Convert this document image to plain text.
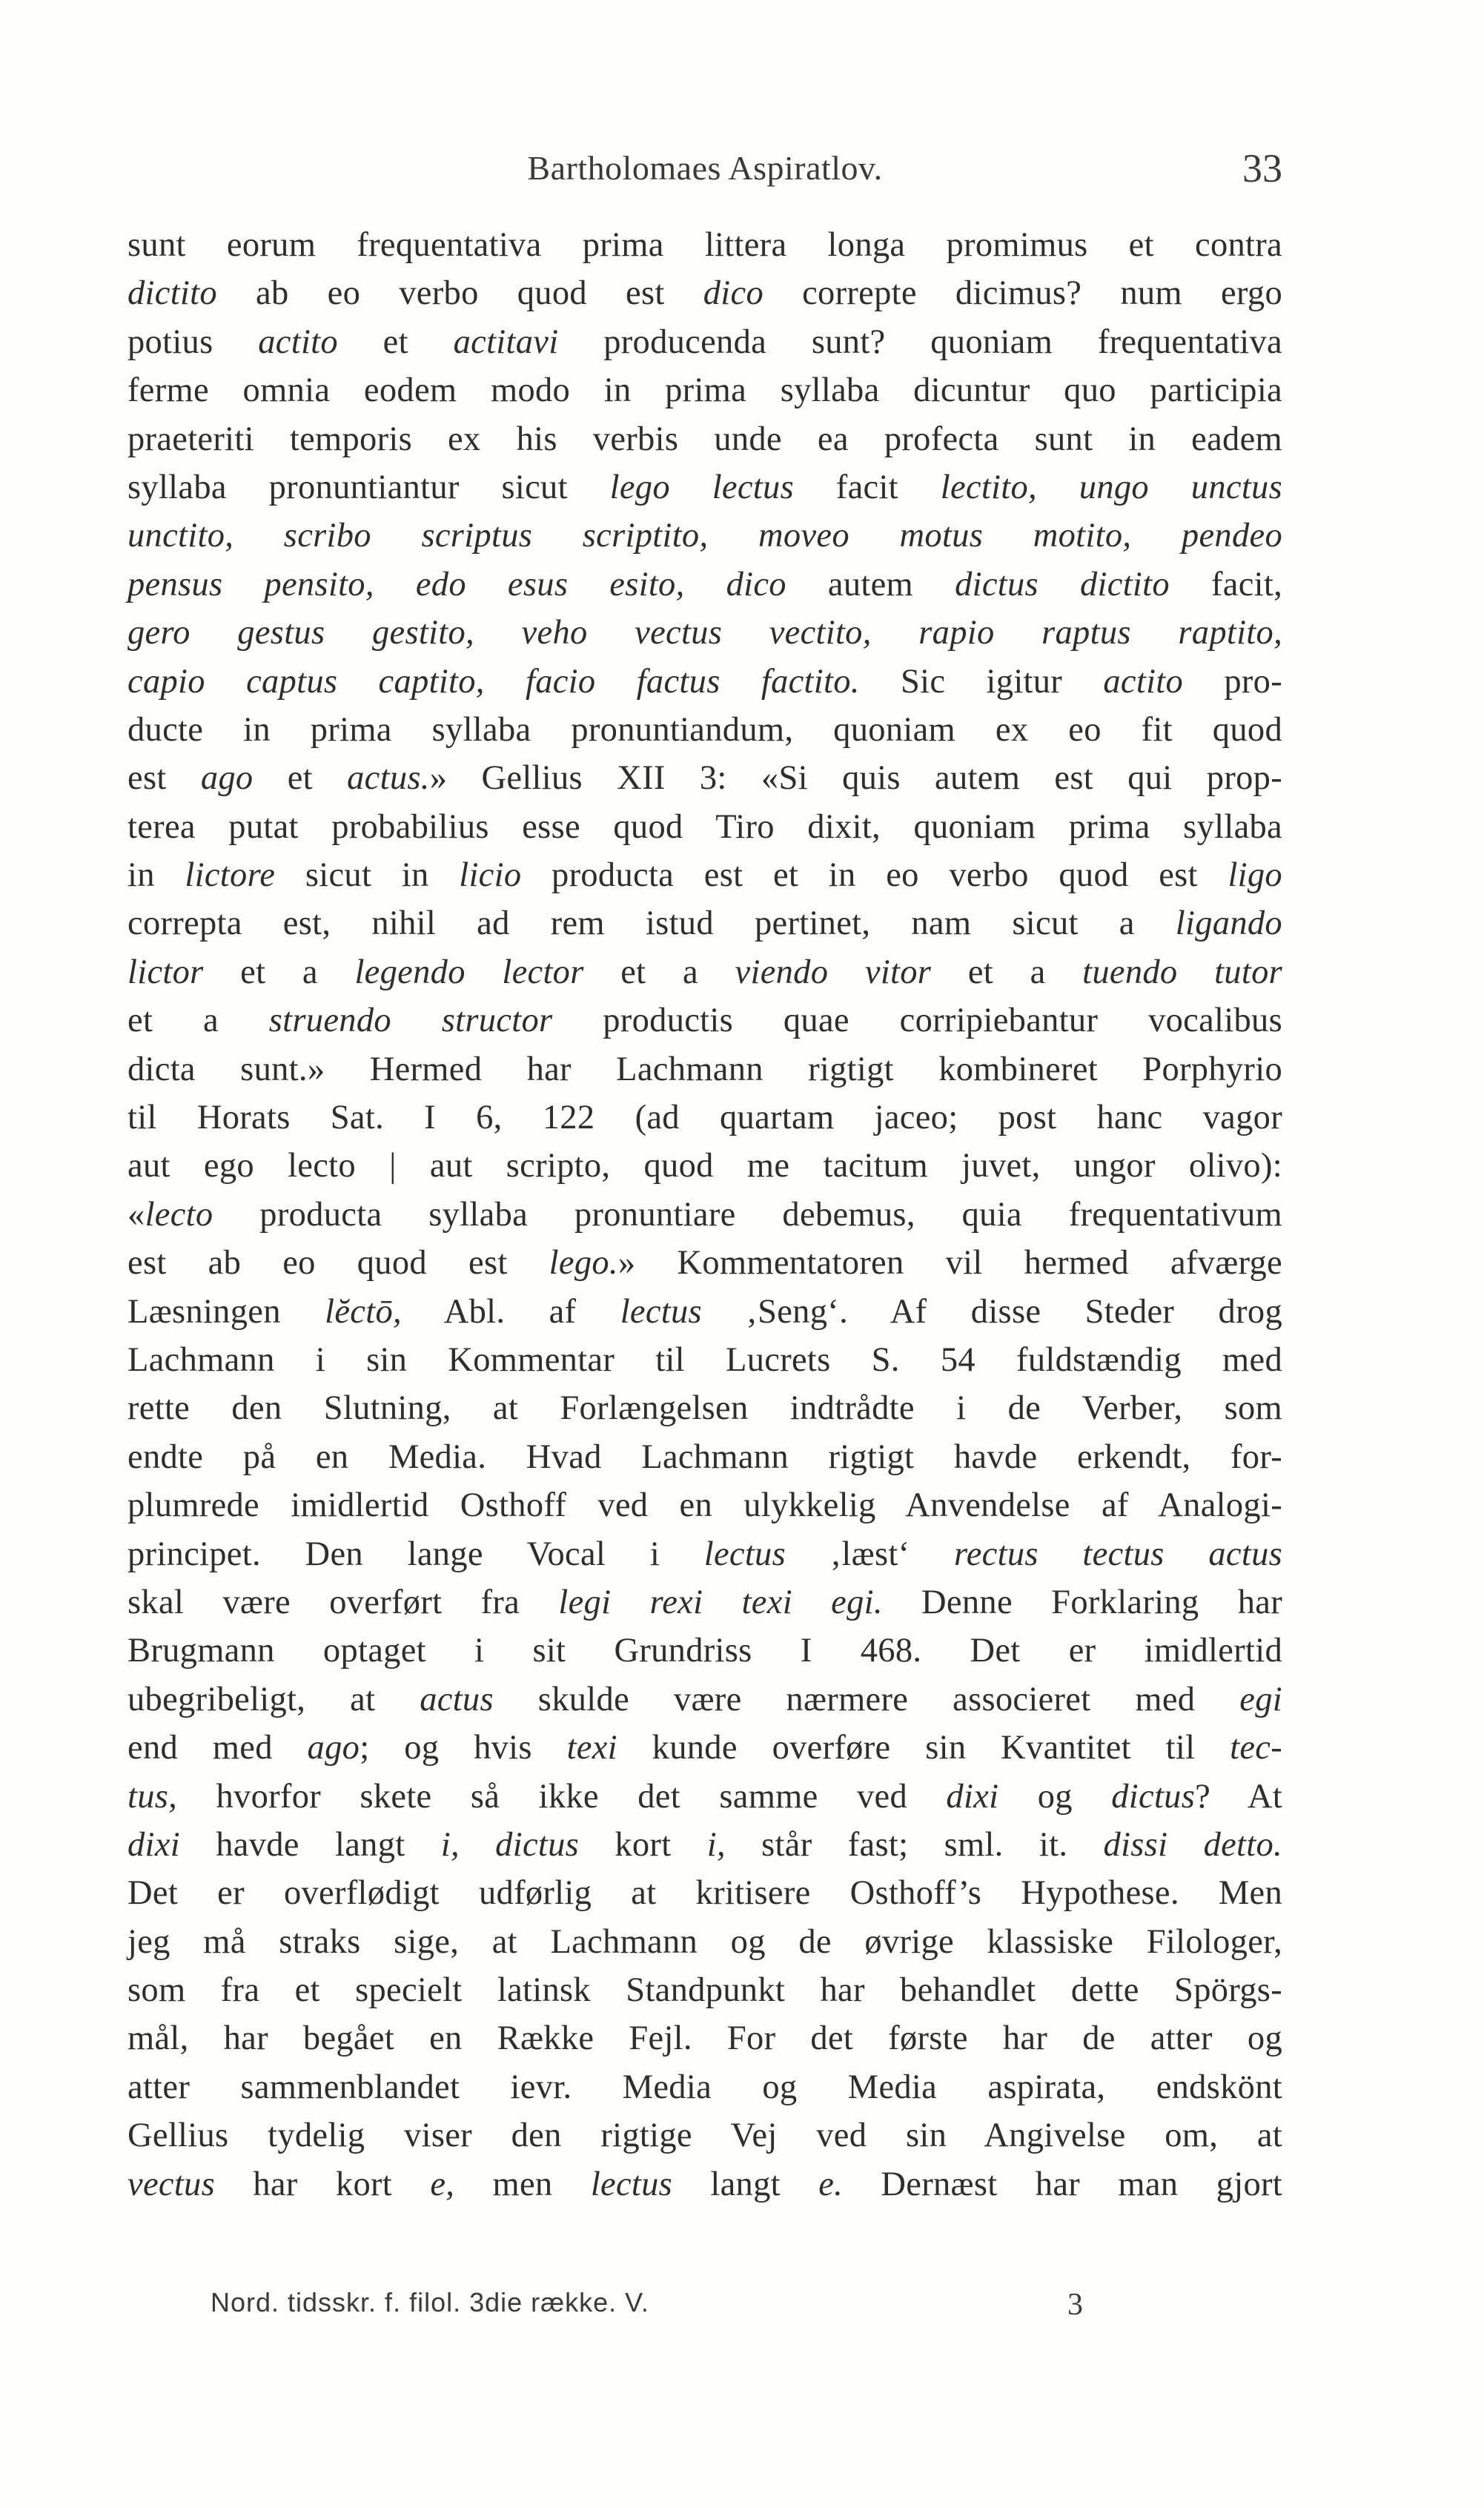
Bartholomaes Aspiratlov.	33
sunt eorum frequentativa prima littera longa promimus et contra
dictito ab eo verbo quod est dico correpte dicimus? num ergo
potius actito et actitavi producenda sunt? quoniam frequentativa
ferme omnia eodem modo in prima syllaba dicuntur quo participia
praeteriti temporis ex his verbis unde ea profecta sunt in eadem
syllaba pronuntiantur sicut lego lectus facit lectito, ungo unctus
unctito, scribo scriptus scriptito, moveo motus motito, pendeo
pensus pensito, edo esus esito, dico autem dictus dictito facit,
gero gestus gestito, veho vectus vectito, rapio raptus raptito,
capio captus captito, facio factus factito. Sic igitur actito pro-
ducte in prima syllaba pronuntiandum, quoniam ex eo fit quod
est ago et actus.» Gellius XII 3: «Si quis autem est qui prop-
terea putat probabilius esse quod Tiro dixit, quoniam prima syllaba
in lictore sicut in licio producta est et in eo verbo quod est ligo
correpta est, nihil ad rem istud pertinet, nam sicut a ligando
lictor et a legendo lector et a viendo vitor et a tuendo tutor
et a struendo structor productis quae corripiebantur vocalibus
dicta sunt.» Hermed har Lachmann rigtigt kombineret Porphyrio
til Horats Sat. I 6, 122 (ad quartam jaceo; post hanc vagor
aut ego lecto | aut scripto, quod me tacitum juvet, ungor olivo):
«lecto producta syllaba pronuntiare debemus, quia frequentativum
est ab eo quod est lego.» Kommentatoren vil hermed afværge
Læsningen lĕctō, Abl. af lectus ‚Seng‘. Af disse Steder drog
Lachmann i sin Kommentar til Lucrets S. 54 fuldstændig med
rette den Slutning, at Forlængelsen indtrådte i de Verber, som
endte på en Media. Hvad Lachmann rigtigt havde erkendt, for-
plumrede imidlertid Osthoff ved en ulykkelig Anvendelse af Analogi-
principet. Den lange Vocal i lectus ‚læst‘ rectus tectus actus
skal være overført fra legi rexi texi egi. Denne Forklaring har
Brugmann optaget i sit Grundriss I 468. Det er imidlertid
ubegribeligt, at actus skulde være nærmere associeret med egi
end med ago; og hvis texi kunde overføre sin Kvantitet til tec-
tus, hvorfor skete så ikke det samme ved dixi og dictus? At
dixi havde langt i, dictus kort i, står fast; sml. it. dissi detto.
Det er overflødigt udførlig at kritisere Osthoff’s Hypothese. Men
jeg må straks sige, at Lachmann og de øvrige klassiske Filologer,
som fra et specielt latinsk Standpunkt har behandlet dette Spörgs-
mål, har begået en Række Fejl. For det første har de atter og
atter sammenblandet ievr. Media og Media aspirata, endskönt
Gellius tydelig viser den rigtige Vej ved sin Angivelse om, at
vectus har kort e, men lectus langt e. Dernæst har man gjort
Nord. tidsskr. f. filol. 3die række. V.	3
